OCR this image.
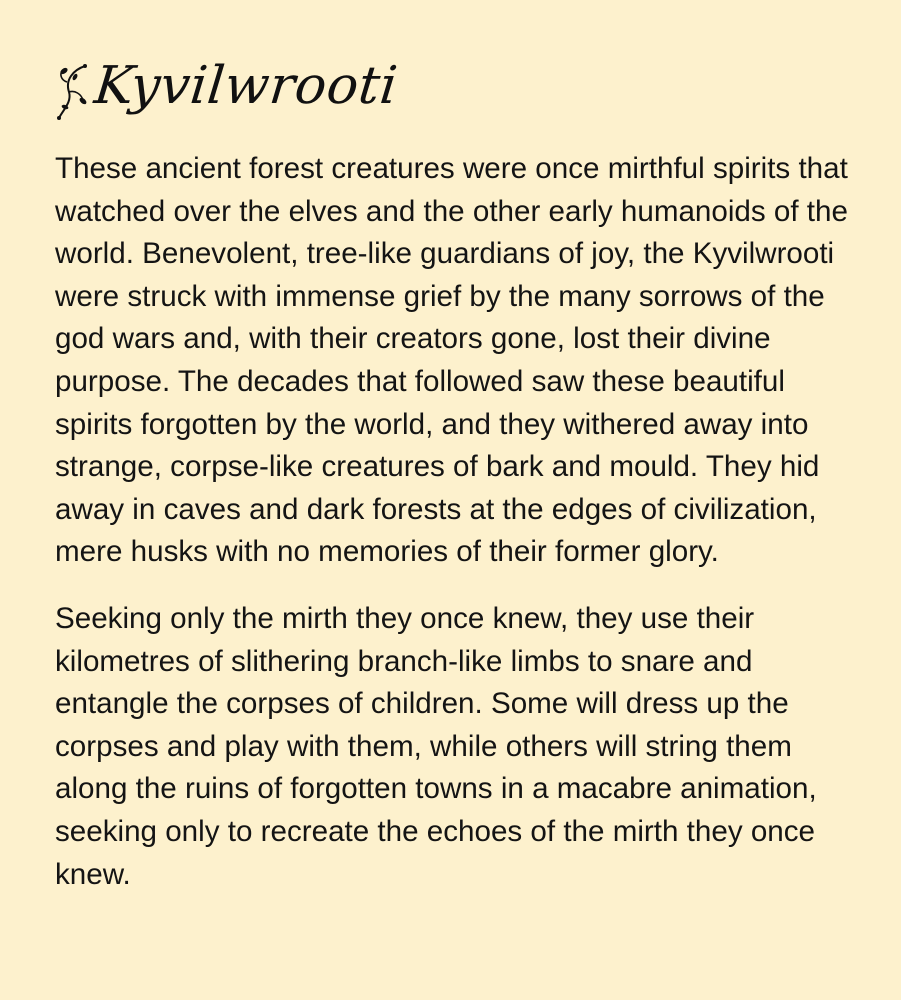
Kyvilwrooti

These ancient forest creatures were once mirthful spirits that watched over the elves and the other early humanoids of the world. Benevolent, tree-like guardians of joy, the Kyvilwrooti were struck with immense grief by the many sorrows of the god wars and, with their creators gone, lost their divine purpose. The decades that followed saw these beautiful spirits forgotten by the world, and they withered away into strange, corpse-like creatures of bark and mould. They hid away in caves and dark forests at the edges of civilization, mere husks with no memories of their former glory.

Seeking only the mirth they once knew, they use their kilometres of slithering branch-like limbs to snare and entangle the corpses of children. Some will dress up the corpses and play with them, while others will string them along the ruins of forgotten towns in a macabre animation, seeking only to recreate the echoes of the mirth they once knew.
